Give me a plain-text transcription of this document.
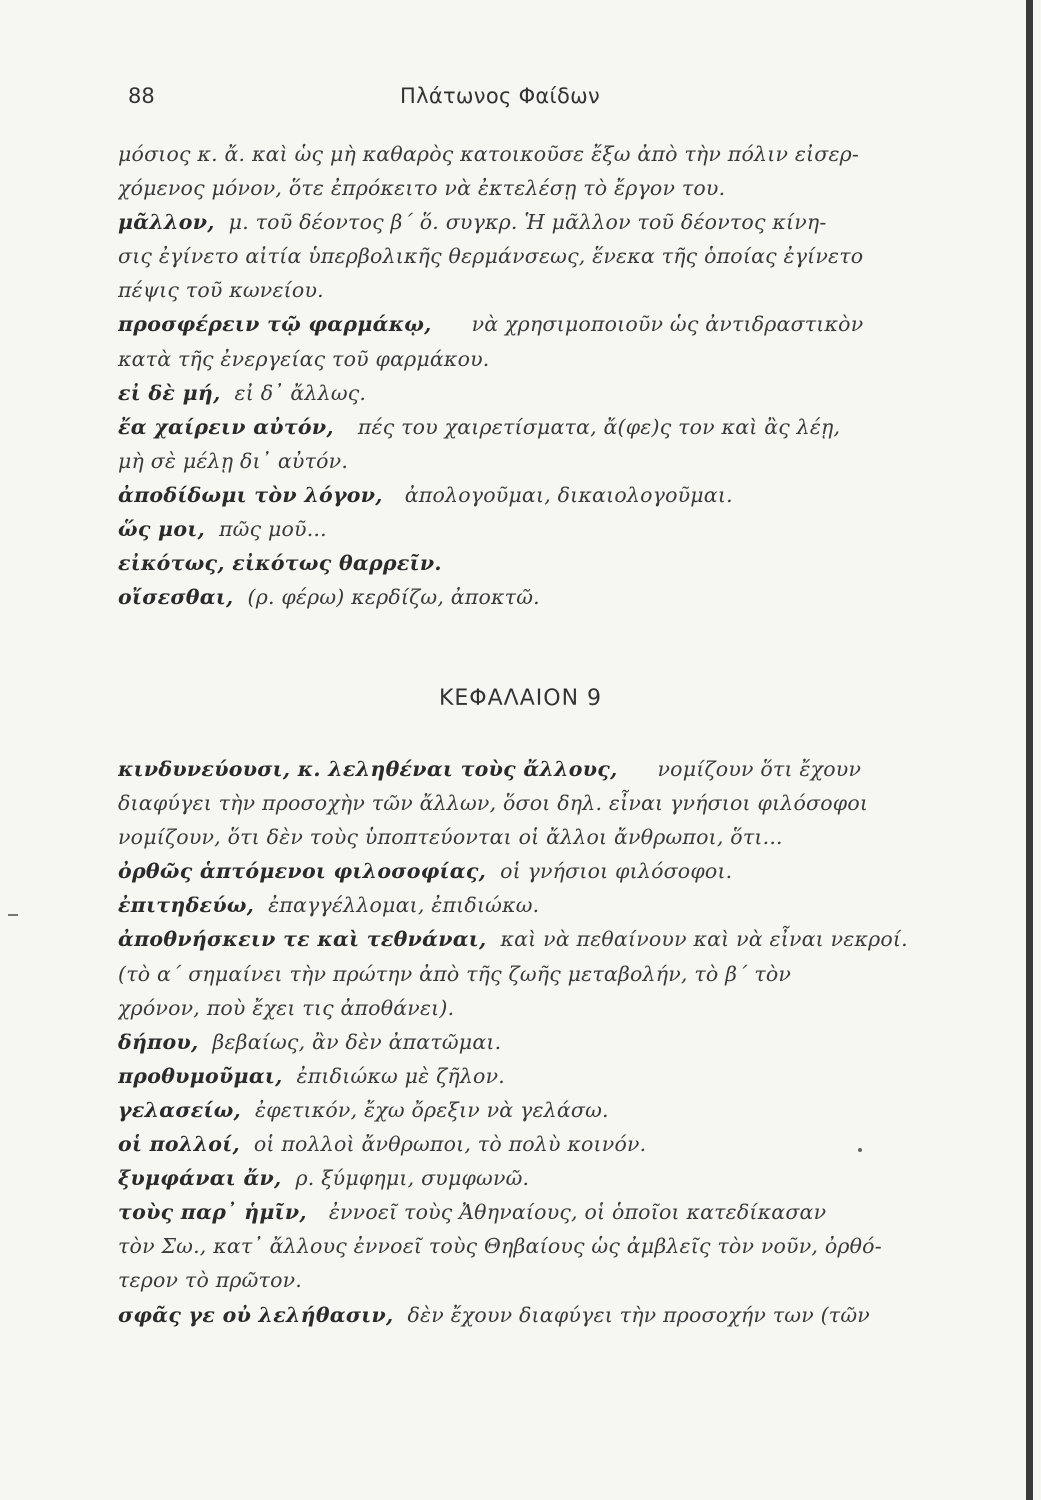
88	Πλάτωνος Φαίδων
μόσιος κ. ἄ. καὶ ὡς μὴ καθαρὸς κατοικοῦσε ἔξω ἀπὸ τὴν πόλιν εἰσερ-
χόμενος μόνον, ὅτε ἐπρόκειτο νὰ ἐκτελέσῃ τὸ ἔργον του.
μᾶλλον, μ. τοῦ δέοντος β΄ ὅ. συγκρ. Ἡ μᾶλλον τοῦ δέοντος κίνη-
σις ἐγίνετο αἰτία ὑπερβολικῆς θερμάνσεως, ἕνεκα τῆς ὁποίας ἐγίνετο
πέψις τοῦ κωνείου.
προσφέρειν τῷ φαρμάκῳ, νὰ χρησιμοποιοῦν ὡς ἀντιδραστικὸν
κατὰ τῆς ἐνεργείας τοῦ φαρμάκου.
εἰ δὲ μή, εἰ δ᾽ ἄλλως.
ἔα χαίρειν αὐτόν, πές του χαιρετίσματα, ἄ(φε)ς τον καὶ ἂς λέῃ,
μὴ σὲ μέλῃ δι᾽ αὐτόν.
ἀποδίδωμι τὸν λόγον, ἀπολογοῦμαι, δικαιολογοῦμαι.
ὥς μοι, πῶς μοῦ...
εἰκότως, εἰκότως θαρρεῖν.
οἴσεσθαι, (ρ. φέρω) κερδίζω, ἀποκτῶ.
ΚΕΦΑΛΑΙΟΝ 9
κινδυνεύουσι, κ. λεληθέναι τοὺς ἄλλους, νομίζουν ὅτι ἔχουν
διαφύγει τὴν προσοχὴν τῶν ἄλλων, ὅσοι δηλ. εἶναι γνήσιοι φιλόσοφοι
νομίζουν, ὅτι δὲν τοὺς ὑποπτεύονται οἱ ἄλλοι ἄνθρωποι, ὅτι...
ὀρθῶς ἁπτόμενοι φιλοσοφίας, οἱ γνήσιοι φιλόσοφοι.
ἐπιτηδεύω, ἐπαγγέλλομαι, ἐπιδιώκω.
ἀποθνήσκειν τε καὶ τεθνάναι, καὶ νὰ πεθαίνουν καὶ νὰ εἶναι νεκροί.
(τὸ α΄ σημαίνει τὴν πρώτην ἀπὸ τῆς ζωῆς μεταβολήν, τὸ β΄ τὸν
χρόνον, ποὺ ἔχει τις ἀποθάνει).
δήπου, βεβαίως, ἂν δὲν ἀπατῶμαι.
προθυμοῦμαι, ἐπιδιώκω μὲ ζῆλον.
γελασείω, ἐφετικόν, ἔχω ὄρεξιν νὰ γελάσω.
οἱ πολλοί, οἱ πολλοὶ ἄνθρωποι, τὸ πολὺ κοινόν.
ξυμφάναι ἄν, ρ. ξύμφημι, συμφωνῶ.
τοὺς παρ᾽ ἡμῖν, ἐννοεῖ τοὺς Ἀθηναίους, οἱ ὁποῖοι κατεδίκασαν
τὸν Σω., κατ᾽ ἄλλους ἐννοεῖ τοὺς Θηβαίους ὡς ἀμβλεῖς τὸν νοῦν, ὀρθό-
τερον τὸ πρῶτον.
σφᾶς γε οὐ λελήθασιν, δὲν ἔχουν διαφύγει τὴν προσοχήν των (τῶν
